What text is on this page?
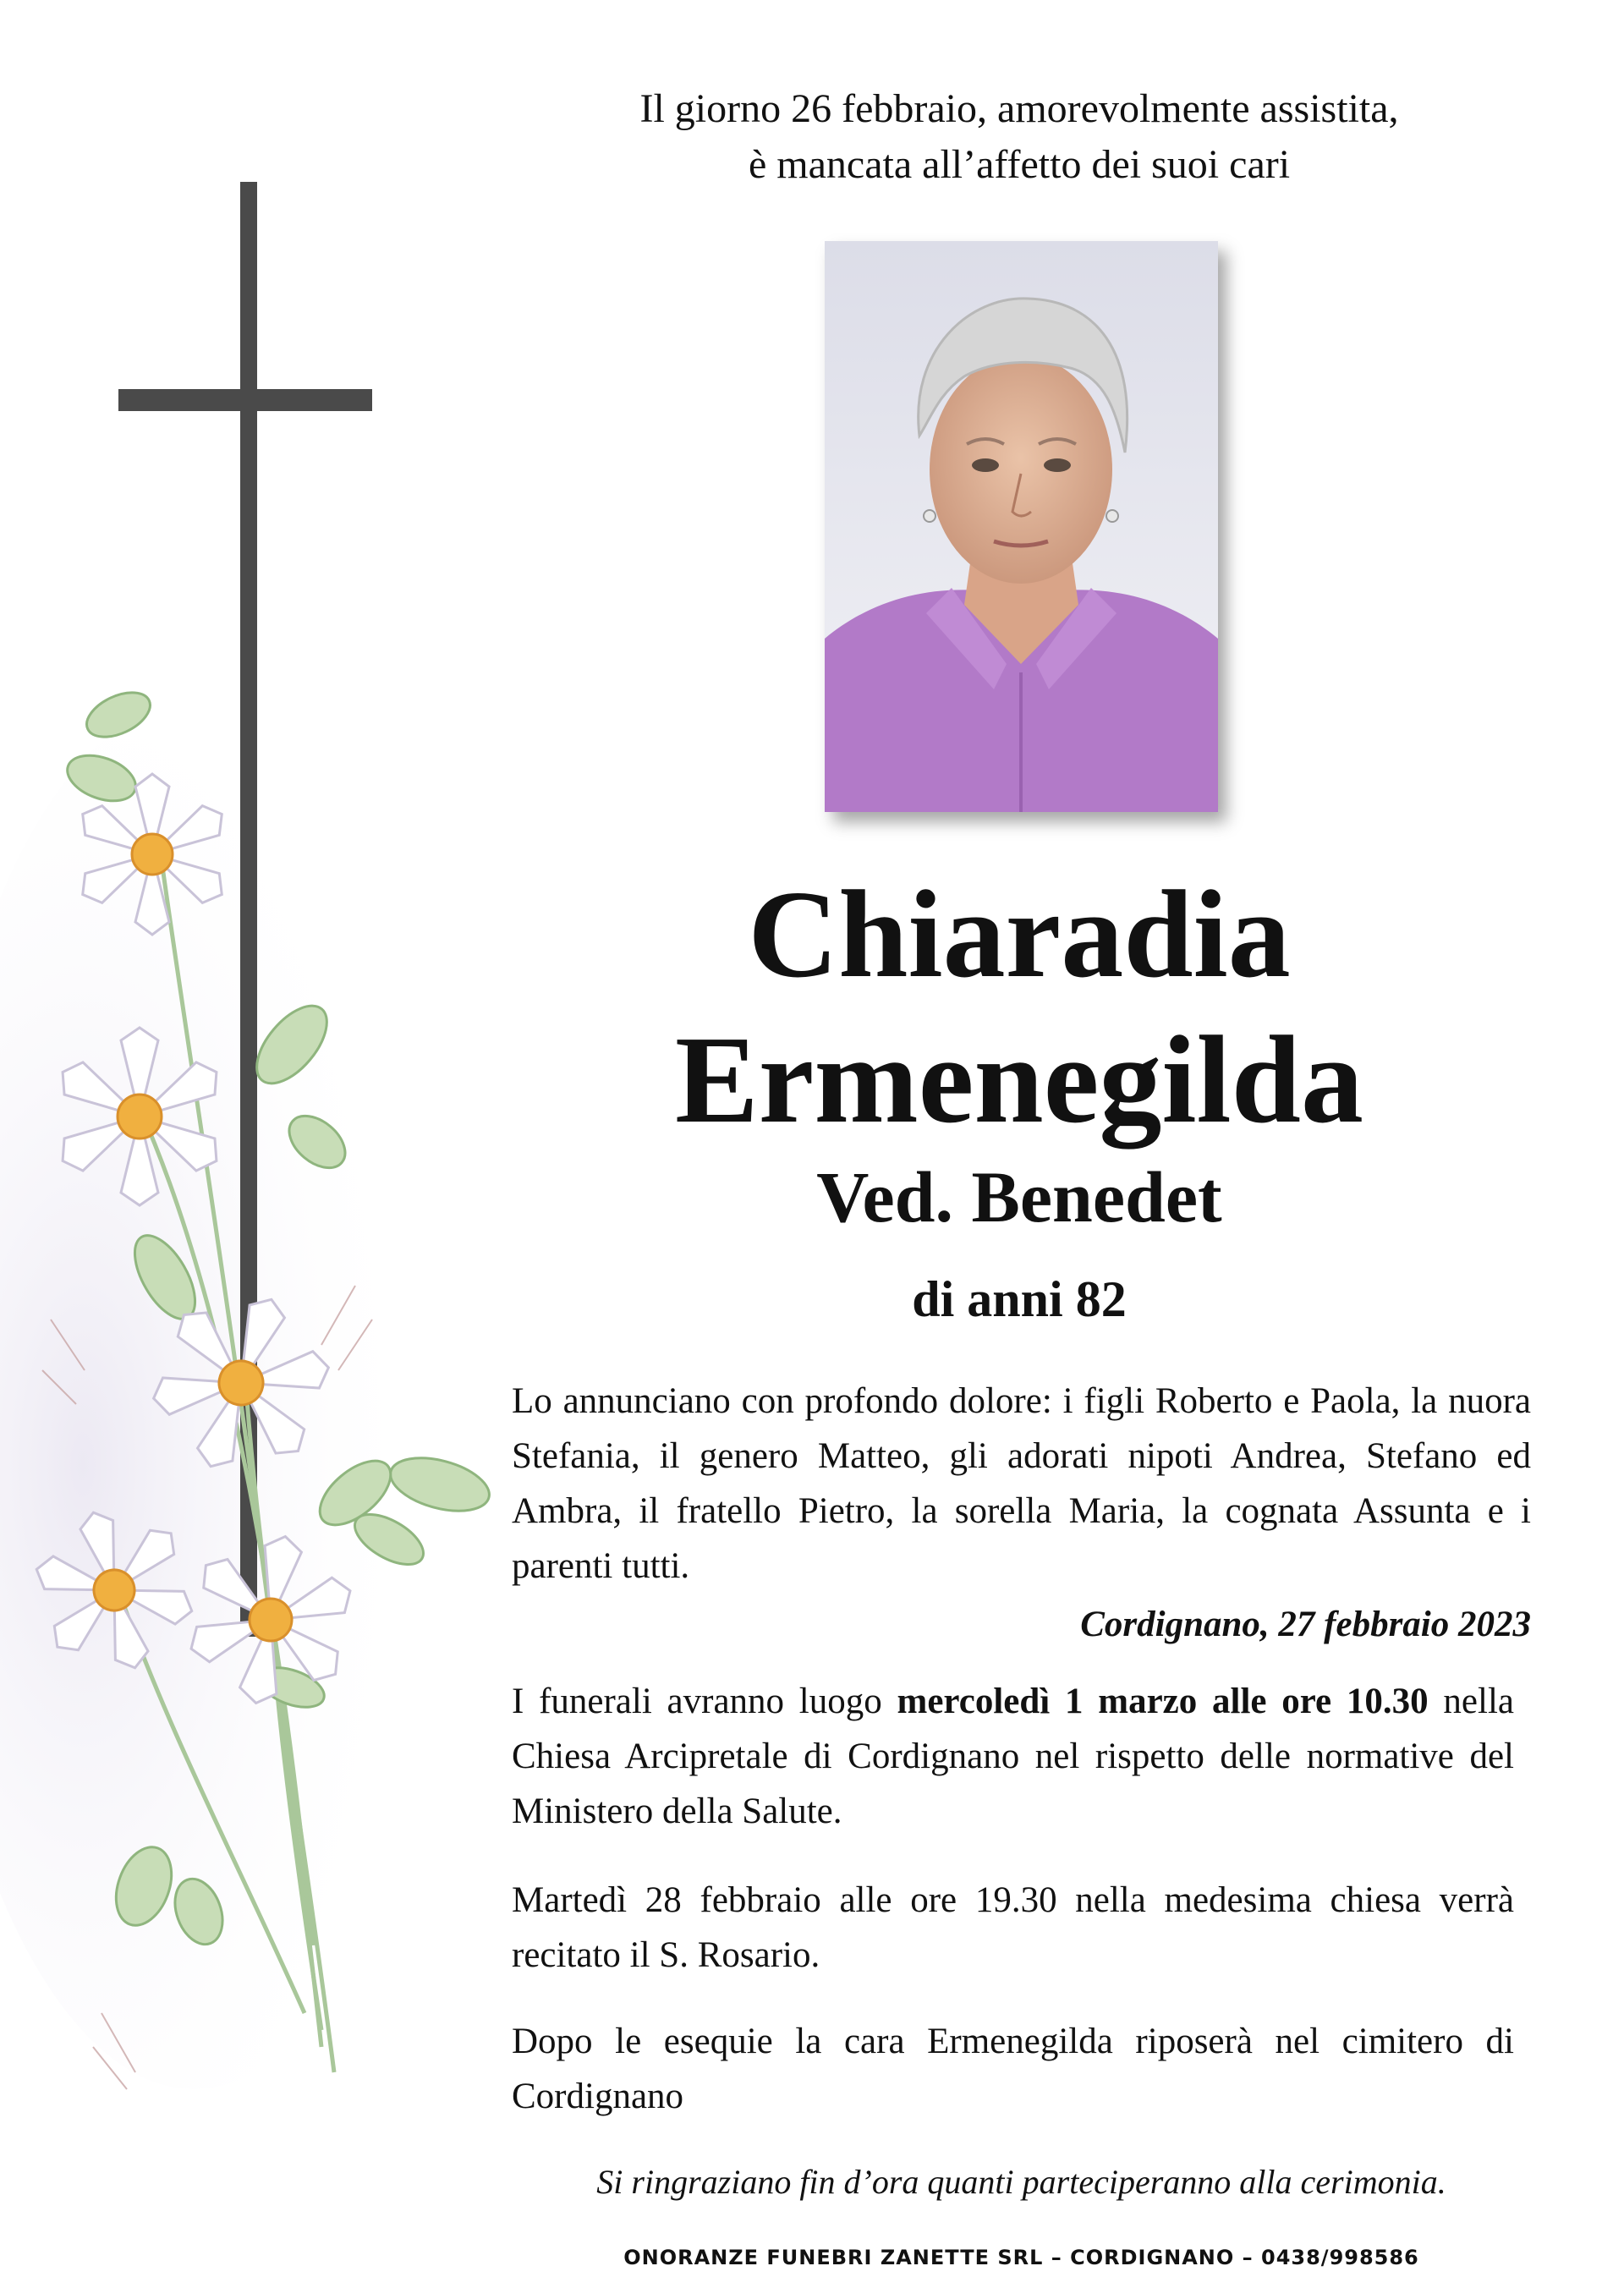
Il giorno 26 febbraio, amorevolmente assistita,
è mancata all’affetto dei suoi cari
Chiaradia
Ermenegilda
Ved. Benedet
di anni 82
Lo annunciano con profondo dolore: i figli Roberto e Paola, la nuora Stefania, il genero Matteo, gli adorati nipoti Andrea, Stefano ed Ambra, il fratello Pietro, la sorella Maria, la cognata Assunta e i parenti tutti.
Cordignano, 27 febbraio 2023
I funerali avranno luogo mercoledì 1 marzo alle ore 10.30 nella Chiesa Arcipretale di Cordignano nel rispetto delle normative del Ministero della Salute.
Martedì 28 febbraio alle ore 19.30 nella medesima chiesa verrà recitato il S. Rosario.
Dopo le esequie la cara Ermenegilda riposerà nel cimitero di Cordignano
Si ringraziano fin d’ora quanti parteciperanno alla cerimonia.
ONORANZE FUNEBRI ZANETTE SRL – CORDIGNANO – 0438/998586
